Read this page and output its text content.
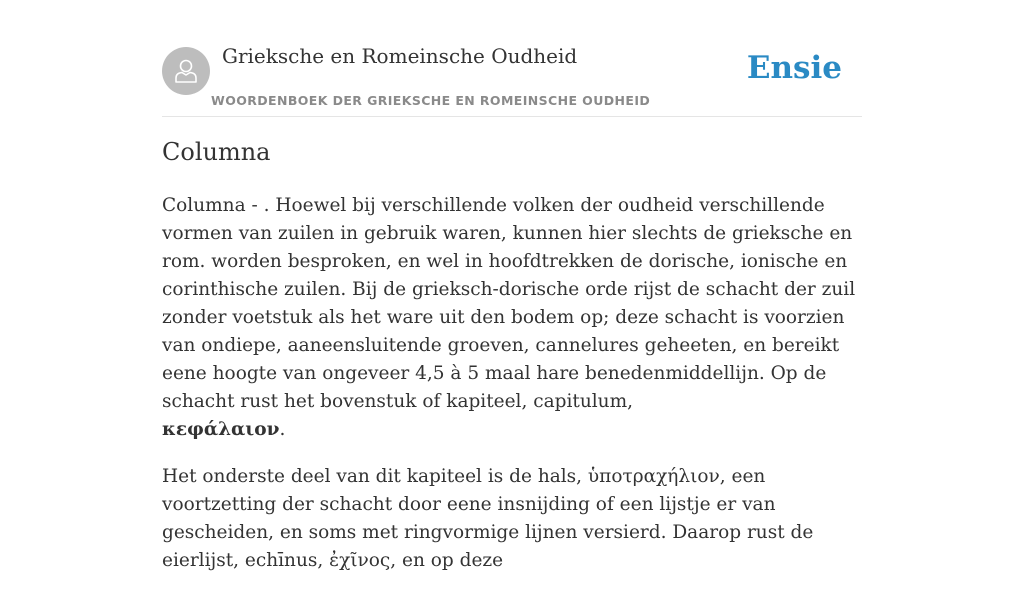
Grieksche en Romeinsche Oudheid
WOORDENBOEK DER GRIEKSCHE EN ROMEINSCHE OUDHEID
Ensie
Columna

Columna - . Hoewel bij verschillende volken der oudheid verschillende vormen van zuilen in gebruik waren, kunnen hier slechts de grieksche en rom. worden besproken, en wel in hoofdtrekken de dorische, ionische en corinthische zuilen. Bij de grieksch-dorische orde rijst de schacht der zuil zonder voetstuk als het ware uit den bodem op; deze schacht is voorzien van ondiepe, aaneensluitende groeven, cannelures geheeten, en bereikt eene hoogte van ongeveer 4,5 à 5 maal hare benedenmiddellijn. Op de schacht rust het bovenstuk of kapiteel, capitulum,
κεφάλαιον.

Het onderste deel van dit kapiteel is de hals, ὑποτραχήλιον, een voortzetting der schacht door eene insnijding of een lijstje er van gescheiden, en soms met ringvormige lijnen versierd. Daarop rust de eierlijst, echīnus, ἐχῖνος, en op deze
